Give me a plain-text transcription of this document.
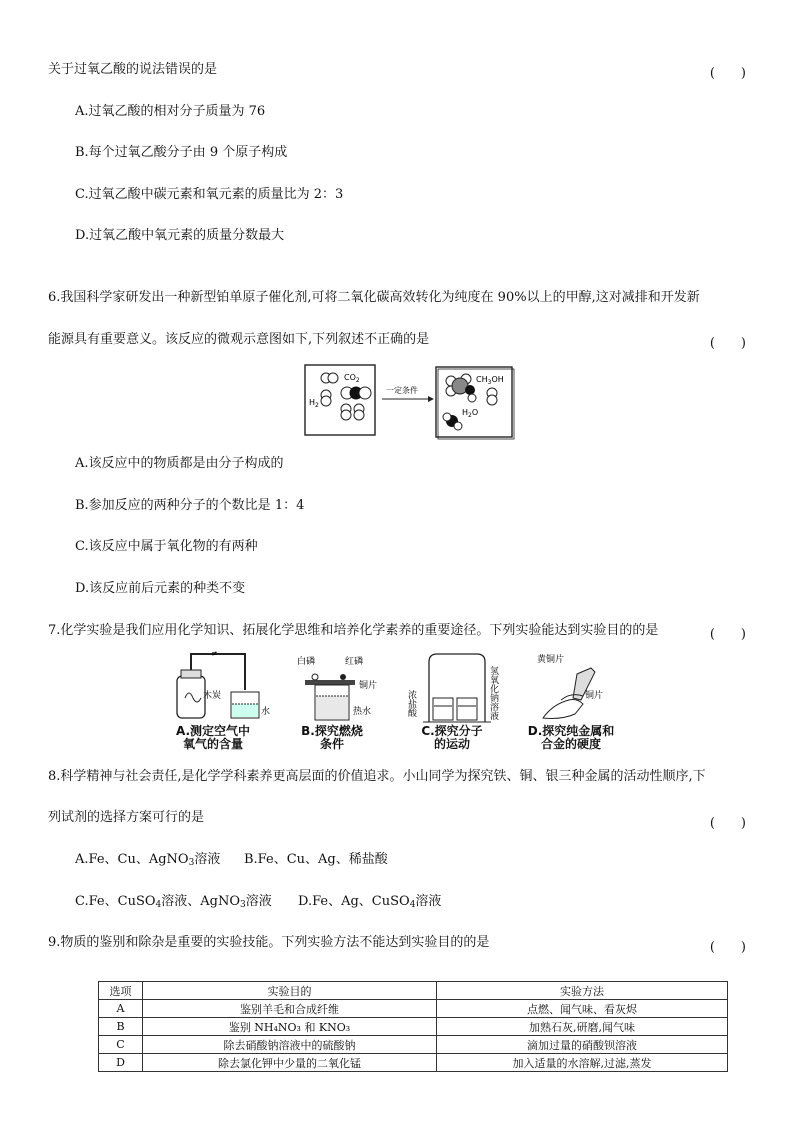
关于过氧乙酸的说法错误的是	(　　)
A.过氧乙酸的相对分子质量为 76
B.每个过氧乙酸分子由 9 个原子构成
C.过氧乙酸中碳元素和氧元素的质量比为 2：3
D.过氧乙酸中氧元素的质量分数最大
6.我国科学家研发出一种新型铂单原子催化剂,可将二氧化碳高效转化为纯度在 90%以上的甲醇,这对减排和开发新
能源具有重要意义。该反应的微观示意图如下,下列叙述不正确的是	(　　)
$CO_2$
$H_2$
一定条件
$CH_3OH$
$H_2O$
A.该反应中的物质都是由分子构成的
B.参加反应的两种分子的个数比是 1：4
C.该反应中属于氧化物的有两种
D.该反应前后元素的种类不变
7.化学实验是我们应用化学知识、拓展化学思维和培养化学素养的重要途径。下列实验能达到实验目的的是	(　　)
≠
木炭
水
白磷	红磷
铜片
热水	浓盐酸	氢氧化钠溶液
黄铜片
铜片
A.测定空气中
氧气的含量
B.探究燃烧
条件
C.探究分子
的运动
D.探究纯金属和
合金的硬度
8.科学精神与社会责任,是化学学科素养更高层面的价值追求。小山同学为探究铁、铜、银三种金属的活动性顺序,下
列试剂的选择方案可行的是	(　　)
A.Fe、Cu、AgNO$_3$溶液 B.Fe、Cu、Ag、稀盐酸
C.Fe、CuSO$_4$溶液、AgNO$_3$溶液 D.Fe、Ag、CuSO$_4$溶液
9.物质的鉴别和除杂是重要的实验技能。下列实验方法不能达到实验目的的是	(　　)
选项	实验目的	实验方法
A	鉴别羊毛和合成纤维	点燃、闻气味、看灰烬
B	鉴别 NH₄NO₃ 和 KNO₃	加熟石灰,研磨,闻气味
C	除去硝酸钠溶液中的硫酸钠	滴加过量的硝酸钡溶液
D	除去氯化钾中少量的二氧化锰	加入适量的水溶解,过滤,蒸发
